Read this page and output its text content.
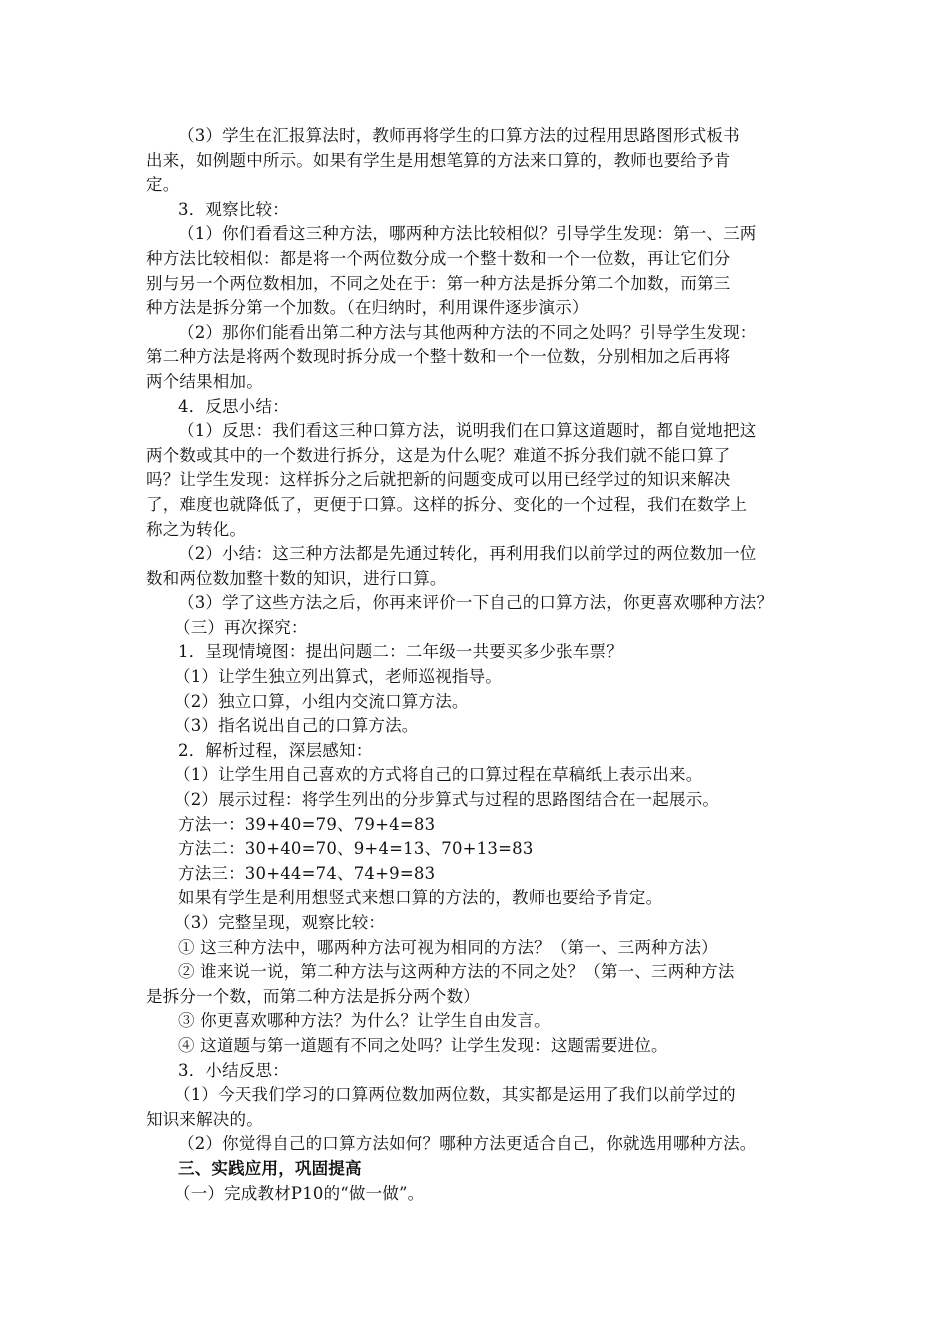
（3）学生在汇报算法时，教师再将学生的口算方法的过程用思路图形式板书
出来，如例题中所示。如果有学生是用想笔算的方法来口算的，教师也要给予肯
定。
3．观察比较：
（1）你们看看这三种方法，哪两种方法比较相似？引导学生发现：第一、三两
种方法比较相似：都是将一个两位数分成一个整十数和一个一位数，再让它们分
别与另一个两位数相加，不同之处在于：第一种方法是拆分第二个加数，而第三
种方法是拆分第一个加数。（在归纳时，利用课件逐步演示）
（2）那你们能看出第二种方法与其他两种方法的不同之处吗？引导学生发现：
第二种方法是将两个数现时拆分成一个整十数和一个一位数，分别相加之后再将
两个结果相加。
4．反思小结：
（1）反思：我们看这三种口算方法，说明我们在口算这道题时，都自觉地把这
两个数或其中的一个数进行拆分，这是为什么呢？难道不拆分我们就不能口算了
吗？让学生发现：这样拆分之后就把新的问题变成可以用已经学过的知识来解决
了，难度也就降低了，更便于口算。这样的拆分、变化的一个过程，我们在数学上
称之为转化。
（2）小结：这三种方法都是先通过转化，再利用我们以前学过的两位数加一位
数和两位数加整十数的知识，进行口算。
（3）学了这些方法之后，你再来评价一下自己的口算方法，你更喜欢哪种方法？
（三）再次探究：
1．呈现情境图：提出问题二：二年级一共要买多少张车票？
（1）让学生独立列出算式，老师巡视指导。
（2）独立口算，小组内交流口算方法。
（3）指名说出自己的口算方法。
2．解析过程，深层感知：
（1）让学生用自己喜欢的方式将自己的口算过程在草稿纸上表示出来。
（2）展示过程：将学生列出的分步算式与过程的思路图结合在一起展示。
方法一：39+40=79、79+4=83
方法二：30+40=70、9+4=13、70+13=83
方法三：30+44=74、74+9=83
如果有学生是利用想竖式来想口算的方法的，教师也要给予肯定。
（3）完整呈现，观察比较：
① 这三种方法中，哪两种方法可视为相同的方法？（第一、三两种方法）
② 谁来说一说，第二种方法与这两种方法的不同之处？（第一、三两种方法
是拆分一个数，而第二种方法是拆分两个数）
③ 你更喜欢哪种方法？为什么？让学生自由发言。
④ 这道题与第一道题有不同之处吗？让学生发现：这题需要进位。
3．小结反思：
（1）今天我们学习的口算两位数加两位数，其实都是运用了我们以前学过的
知识来解决的。
（2）你觉得自己的口算方法如何？哪种方法更适合自己，你就选用哪种方法。
三、实践应用，巩固提高
（一）完成教材P10的“做一做”。
